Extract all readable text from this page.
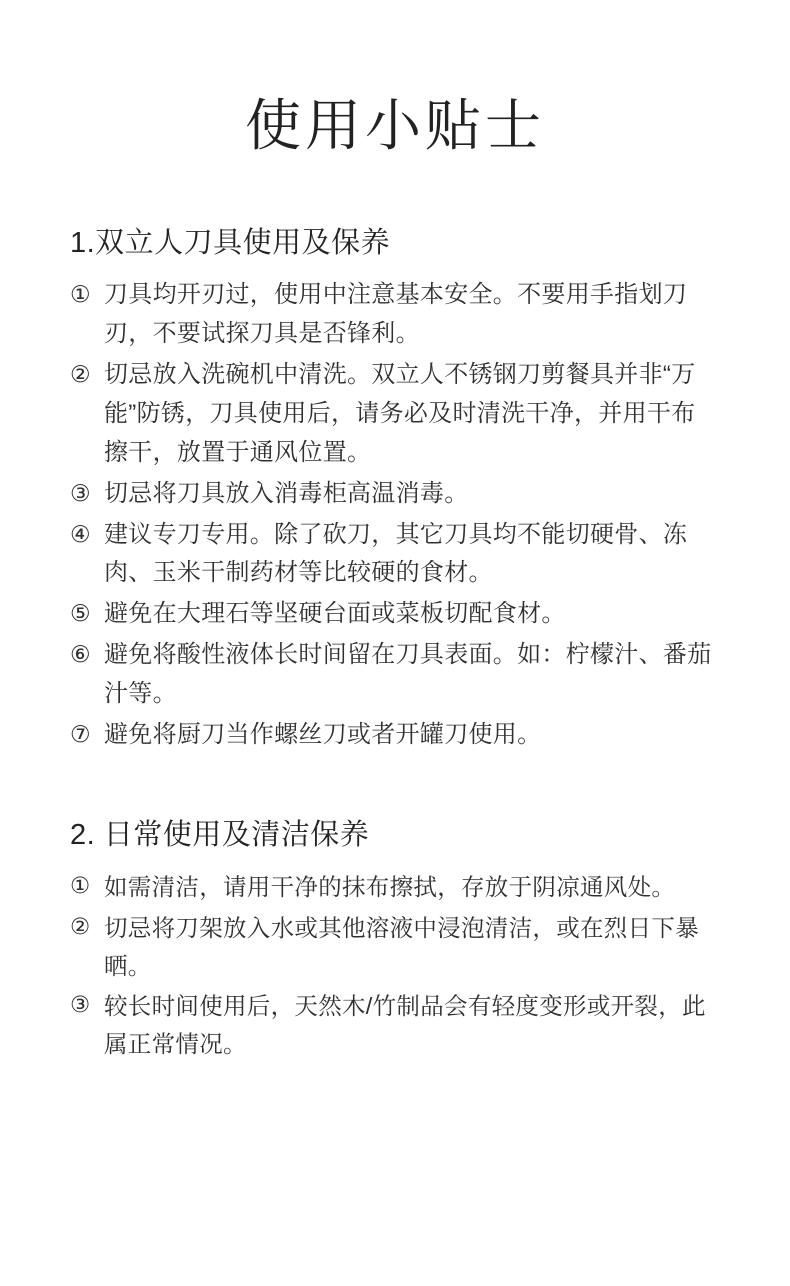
使用小贴士
1.双立人刀具使用及保养
① 刀具均开刃过，使用中注意基本安全。不要用手指划刀刃，不要试探刀具是否锋利。
② 切忌放入洗碗机中清洗。双立人不锈钢刀剪餐具并非“万能”防锈，刀具使用后，请务必及时清洗干净，并用干布擦干，放置于通风位置。
③ 切忌将刀具放入消毒柜高温消毒。
④ 建议专刀专用。除了砍刀，其它刀具均不能切硬骨、冻肉、玉米干制药材等比较硬的食材。
⑤ 避免在大理石等坚硬台面或菜板切配食材。
⑥ 避免将酸性液体长时间留在刀具表面。如：柠檬汁、番茄汁等。
⑦ 避免将厨刀当作螺丝刀或者开罐刀使用。
2. 日常使用及清洁保养
① 如需清洁，请用干净的抹布擦拭，存放于阴凉通风处。
② 切忌将刀架放入水或其他溶液中浸泡清洁，或在烈日下暴晒。
③ 较长时间使用后，天然木/竹制品会有轻度变形或开裂，此属正常情况。
